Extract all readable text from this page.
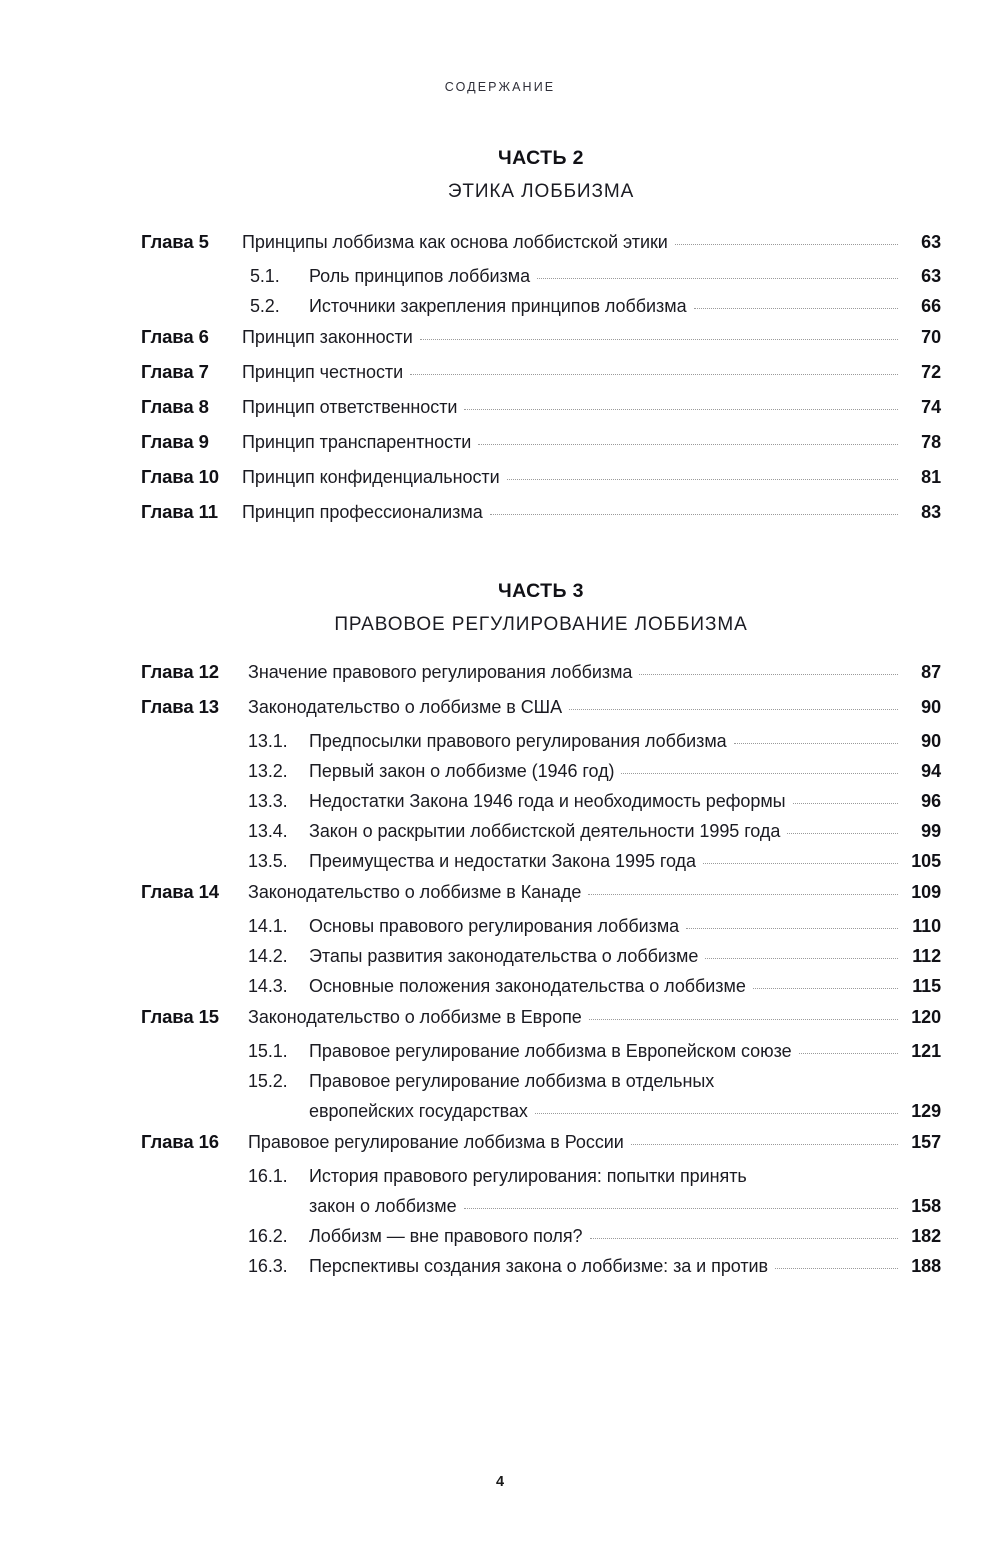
СОДЕРЖАНИЕ
ЧАСТЬ 2
ЭТИКА ЛОББИЗМА
Глава 5	Принципы лоббизма как основа лоббистской этики	63
5.1.	Роль принципов лоббизма	63
5.2.	Источники закрепления принципов лоббизма	66
Глава 6	Принцип законности	70
Глава 7	Принцип честности	72
Глава 8	Принцип ответственности	74
Глава 9	Принцип транспарентности	78
Глава 10	Принцип конфиденциальности	81
Глава 11	Принцип профессионализма	83
ЧАСТЬ 3
ПРАВОВОЕ РЕГУЛИРОВАНИЕ ЛОББИЗМА
Глава 12	Значение правового регулирования лоббизма	87
Глава 13	Законодательство о лоббизме в США	90
13.1.	Предпосылки правового регулирования лоббизма	90
13.2.	Первый закон о лоббизме (1946 год)	94
13.3.	Недостатки Закона 1946 года и необходимость реформы	96
13.4.	Закон о раскрытии лоббистской деятельности 1995 года	99
13.5.	Преимущества и недостатки Закона 1995 года	105
Глава 14	Законодательство о лоббизме в Канаде	109
14.1.	Основы правового регулирования лоббизма	110
14.2.	Этапы развития законодательства о лоббизме	112
14.3.	Основные положения законодательства о лоббизме	115
Глава 15	Законодательство о лоббизме в Европе	120
15.1.	Правовое регулирование лоббизма в Европейском союзе	121
15.2.	Правовое регулирование лоббизма в отдельных
европейских государствах	129
Глава 16	Правовое регулирование лоббизма в России	157
16.1.	История правового регулирования: попытки принять
закон о лоббизме	158
16.2.	Лоббизм — вне правового поля?	182
16.3.	Перспективы создания закона о лоббизме: за и против	188
4
